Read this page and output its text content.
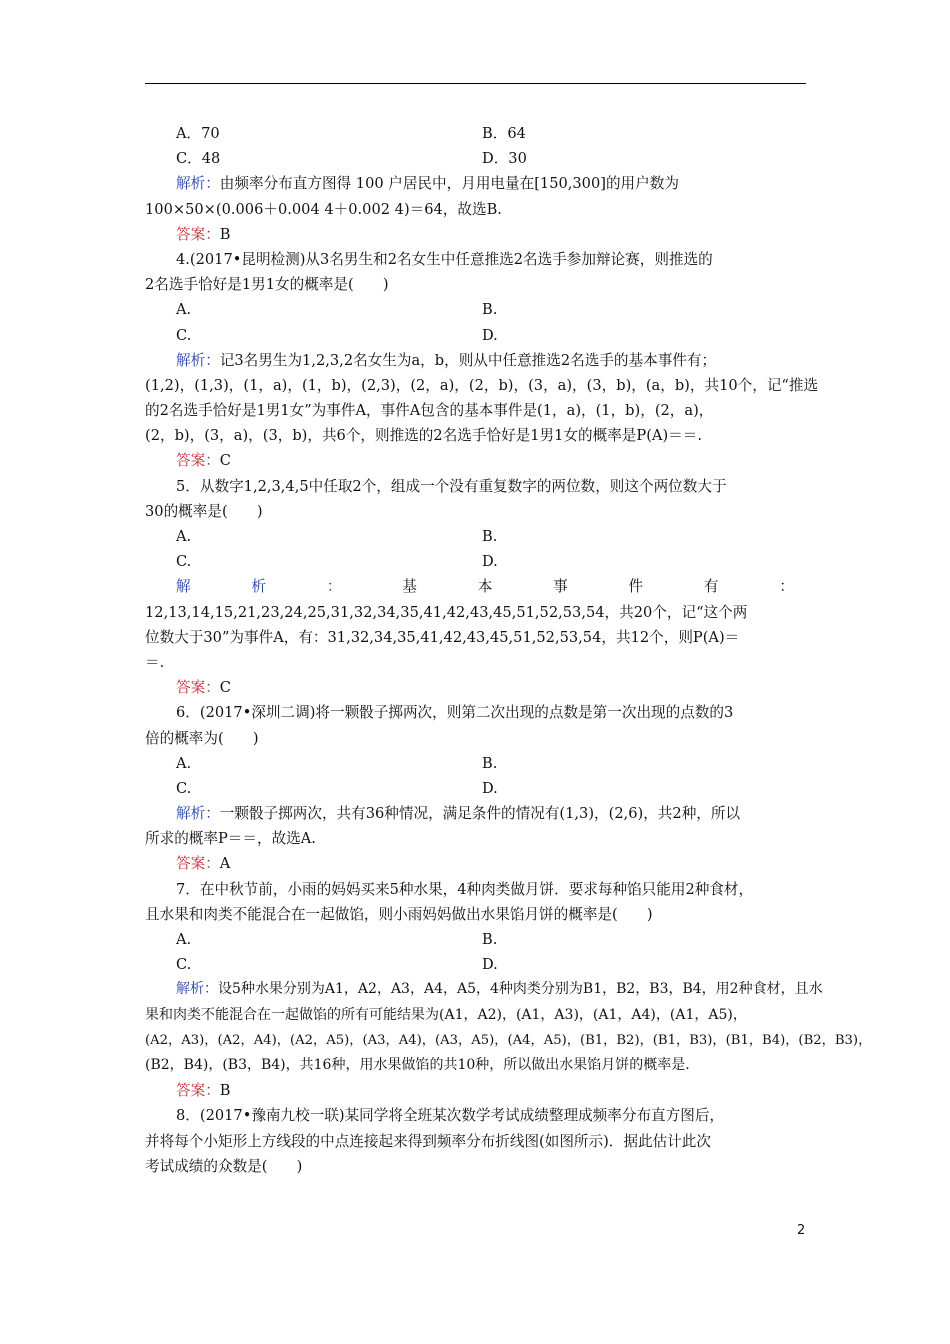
A．70	B．64
C．48	D．30
解析：由频率分布直方图得 100 户居民中，月用电量在[150,300]的用户数为
100×50×(0.006＋0.004 4＋0.002 4)＝64，故选B.
答案：B
4.(2017•昆明检测)从3名男生和2名女生中任意推选2名选手参加辩论赛，则推选的
2名选手恰好是1男1女的概率是(　　)
A.	B.
C.	D.
解析：记3名男生为1,2,3,2名女生为a，b，则从中任意推选2名选手的基本事件有；
(1,2)，(1,3)，(1，a)，(1，b)，(2,3)，(2，a)，(2，b)，(3，a)，(3，b)，(a，b)，共10个，记“推选
的2名选手恰好是1男1女”为事件A，事件A包含的基本事件是(1，a)，(1，b)，(2，a)，
(2，b)，(3，a)，(3，b)，共6个，则推选的2名选手恰好是1男1女的概率是P(A)＝＝.
答案：C
5．从数字1,2,3,4,5中任取2个，组成一个没有重复数字的两位数，则这个两位数大于
30的概率是(　　)
A.	B.
C.	D.
解	析	：	基	本	事	件	有	：
12,13,14,15,21,23,24,25,31,32,34,35,41,42,43,45,51,52,53,54，共20个，记“这个两
位数大于30”为事件A，有：31,32,34,35,41,42,43,45,51,52,53,54，共12个，则P(A)＝
＝.
答案：C
6．(2017•深圳二调)将一颗骰子掷两次，则第二次出现的点数是第一次出现的点数的3
倍的概率为(　　)
A.	B.
C.	D.
解析：一颗骰子掷两次，共有36种情况，满足条件的情况有(1,3)，(2,6)，共2种，所以
所求的概率P＝＝，故选A.
答案：A
7．在中秋节前，小雨的妈妈买来5种水果，4种肉类做月饼．要求每种馅只能用2种食材，
且水果和肉类不能混合在一起做馅，则小雨妈妈做出水果馅月饼的概率是(　　)
A.	B.
C.	D.
解析：设5种水果分别为A1，A2，A3，A4，A5，4种肉类分别为B1，B2，B3，B4，用2种食材，且水
果和肉类不能混合在一起做馅的所有可能结果为(A1，A2)，(A1，A3)，(A1，A4)，(A1，A5)，
(A2，A3)，(A2，A4)，(A2，A5)，(A3，A4)，(A3，A5)，(A4，A5)，(B1，B2)，(B1，B3)，(B1，B4)，(B2，B3)，
(B2，B4)，(B3，B4)，共16种，用水果做馅的共10种，所以做出水果馅月饼的概率是.
答案：B
8．(2017•豫南九校一联)某同学将全班某次数学考试成绩整理成频率分布直方图后，
并将每个小矩形上方线段的中点连接起来得到频率分布折线图(如图所示)．据此估计此次
考试成绩的众数是(　　)
2
